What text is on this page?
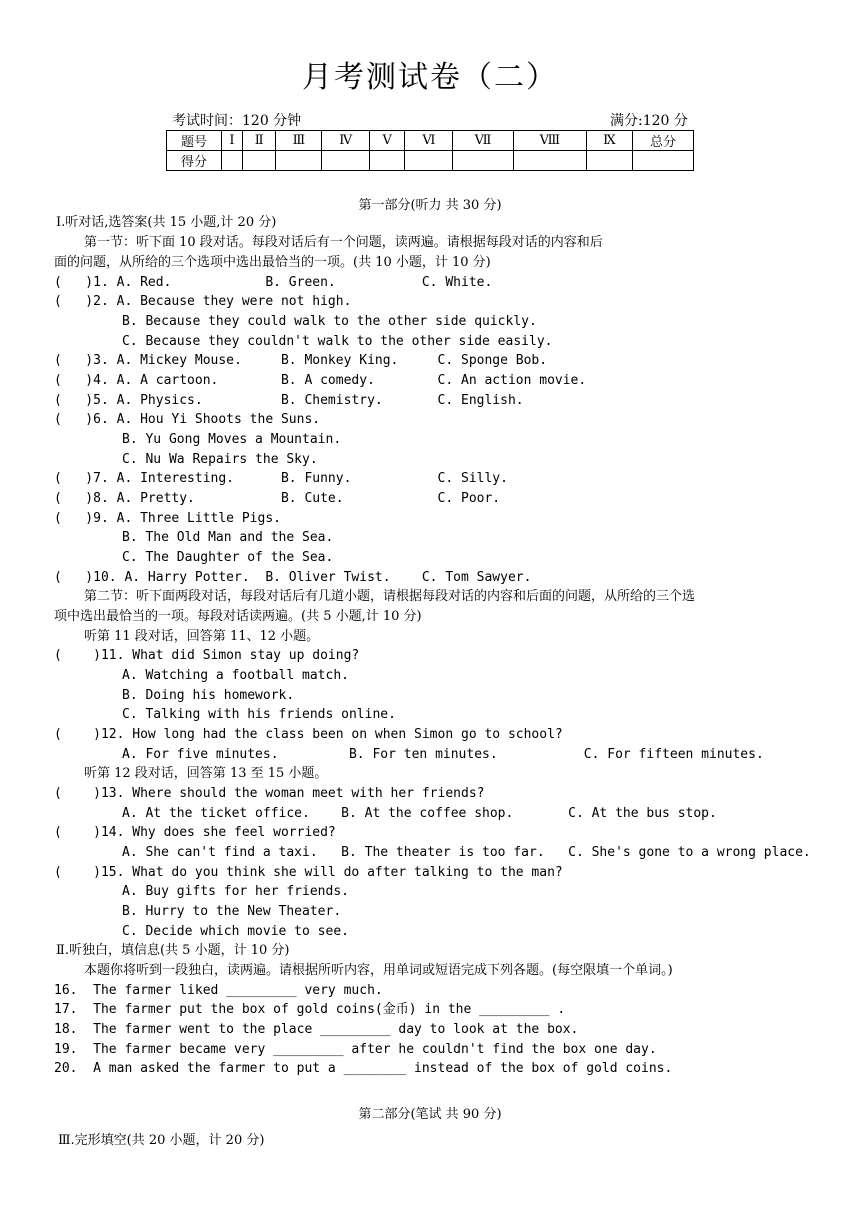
月考测试卷（二）
考试时间：120 分钟	满分:120 分
题号	Ⅰ	Ⅱ	Ⅲ	Ⅳ	Ⅴ	Ⅵ	Ⅶ	Ⅷ	Ⅸ	总分
得分										
第一部分(听力 共 30 分)
Ⅰ.听对话,选答案(共 15 小题,计 20 分)
第一节：听下面 10 段对话。每段对话后有一个问题，读两遍。请根据每段对话的内容和后
面的问题，从所给的三个选项中选出最恰当的一项。(共 10 小题，计 10 分)
(   )1. A. Red.            B. Green.           C. White.
(   )2. A. Because they were not high.
B. Because they could walk to the other side quickly.
C. Because they couldn't walk to the other side easily.
(   )3. A. Mickey Mouse.     B. Monkey King.     C. Sponge Bob.
(   )4. A. A cartoon.        B. A comedy.        C. An action movie.
(   )5. A. Physics.          B. Chemistry.       C. English.
(   )6. A. Hou Yi Shoots the Suns.
B. Yu Gong Moves a Mountain.
C. Nu Wa Repairs the Sky.
(   )7. A. Interesting.      B. Funny.           C. Silly.
(   )8. A. Pretty.           B. Cute.            C. Poor.
(   )9. A. Three Little Pigs.
B. The Old Man and the Sea.
C. The Daughter of the Sea.
(   )10. A. Harry Potter.  B. Oliver Twist.    C. Tom Sawyer.
第二节：听下面两段对话，每段对话后有几道小题，请根据每段对话的内容和后面的问题，从所给的三个选
项中选出最恰当的一项。每段对话读两遍。(共 5 小题,计 10 分)
听第 11 段对话，回答第 11、12 小题。
(    )11. What did Simon stay up doing?
A. Watching a football match.
B. Doing his homework.
C. Talking with his friends online.
(    )12. How long had the class been on when Simon go to school?
A. For five minutes.         B. For ten minutes.           C. For fifteen minutes.
听第 12 段对话，回答第 13 至 15 小题。
(    )13. Where should the woman meet with her friends?
A. At the ticket office.    B. At the coffee shop.       C. At the bus stop.
(    )14. Why does she feel worried?
A. She can't find a taxi.   B. The theater is too far.   C. She's gone to a wrong place.
(    )15. What do you think she will do after talking to the man?
A. Buy gifts for her friends.
B. Hurry to the New Theater.
C. Decide which movie to see.
Ⅱ.听独白，填信息(共 5 小题，计 10 分)
本题你将听到一段独白，读两遍。请根据所听内容，用单词或短语完成下列各题。(每空限填一个单词。)
16.  The farmer liked _________ very much.
17.  The farmer put the box of gold coins(金币) in the _________ .
18.  The farmer went to the place _________ day to look at the box.
19.  The farmer became very _________ after he couldn't find the box one day.
20.  A man asked the farmer to put a ________ instead of the box of gold coins.
第二部分(笔试 共 90 分)
Ⅲ.完形填空(共 20 小题，计 20 分)
